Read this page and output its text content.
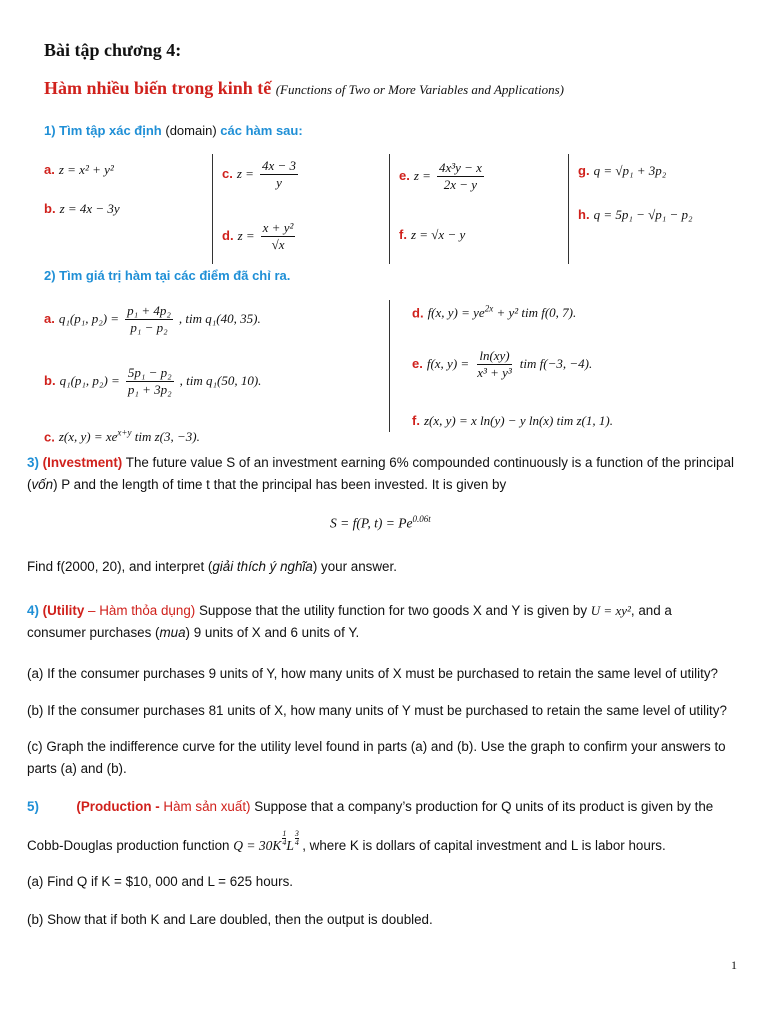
Bài tập chương 4:
Hàm nhiều biến trong kinh tế (Functions of Two or More Variables and Applications)
1) Tìm tập xác định (domain) các hàm sau:
a. z = x² + y²
b. z = 4x − 3y
c. $z = \frac{4x - 3}{y}$
d. $z = \frac{\text{x + y²}}{√x}$
e. $z = \frac{\text{4x³y − x}}{2x - y}$
f. z = √x − y
g. q = √p₁ + 3p₂
h. q = 5p₁ − √p₁ − p₂
2) Tìm giá trị hàm tại các điểm đã chỉ ra.
a. q₁(p₁, $p_2) = \frac{\text{p₁ + 4p₂}}{\text{p₁ − p₂}}$ , tim q₁(40, 35).
b. q₁(p₁, $p_2) = \frac{\text{5p₁ − p₂}}{\text{p₁ + 3p₂}}$ , tim q₁(50, 10).
c. z(x, $y) = xe^{x+y}$ tim z(3, −3).
d. f(x, $y) = ye^{2x} + y^2$ tim f(0, 7).
e. f(x, $y) = \frac{\ln(xy)}{\text{x³ + y³}}$ tim f(−3, −4).
f. z(x, y) = x ln(y) − y ln(x) tim z(1, 1).
3) (Investment) The future value S of an investment earning 6% compounded continuously is a function of the principal
(vốn) P and the length of time t that the principal has been invested. It is given by
S = f(P, $t) = Pe^{0.06t}$
Find f(2000, 20), and interpret (giải thích ý nghĩa) your answer.
4) (Utility – Hàm thỏa dụng) Suppose that the utility function for two goods X and Y is given by U = xy², and a
consumer purchases (mua) 9 units of X and 6 units of Y.
(a) If the consumer purchases 9 units of Y, how many units of X must be purchased to retain the same level of utility?
(b) If the consumer purchases 81 units of X, how many units of Y must be purchased to retain the same level of utility?
(c) Graph the indifference curve for the utility level found in parts (a) and (b). Use the graph to confirm your answers to
parts (a) and (b).
5)	(Production - Hàm sản xuất) Suppose that a company’s production for Q units of its product is given by the
Cobb-Douglas production function $Q = 30K \frac{1}{4}$ L $\frac{3}{4}$ , where K is dollars of capital investment and L is labor hours.
(a) Find Q if K = $10, 000 and L = 625 hours.
(b) Show that if both K and Lare doubled, then the output is doubled.
1
